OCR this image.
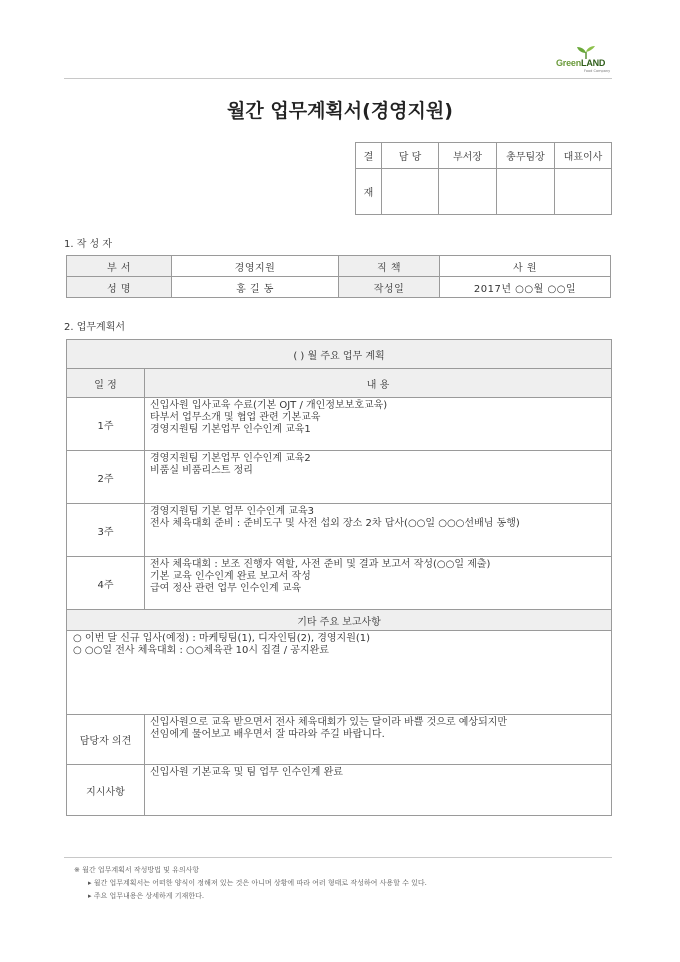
GreenLAND
Food Company
월간 업무계획서(경영지원)
결	담 당	부서장	총무팀장	대표이사
재				
1. 작 성 자
부 서	경영지원	직 책	사 원
성 명	홍 길 동	작성일	2017년 ○○월 ○○일
2. 업무계획서
( ) 월 주요 업무 계획	
일 정	내 용
1주	신입사원 입사교육 수료(기본 OJT / 개인정보보호교육)
타부서 업무소개 및 협업 관련 기본교육
경영지원팀 기본업무 인수인계 교육1

2주	경영지원팀 기본업무 인수인계 교육2
비품실 비품리스트 정리

3주	경영지원팀 기본 업무 인수인계 교육3
전사 체육대회 준비 : 준비도구 및 사전 섭외 장소 2차 답사(○○일 ○○○선배님 동행)

4주	전사 체육대회 : 보조 진행자 역할, 사전 준비 및 결과 보고서 작성(○○일 제출)
기본 교육 인수인계 완료 보고서 작성
급여 정산 관련 업무 인수인계 교육

기타 주요 보고사항	

○ 이번 달 신규 입사(예정) : 마케팅팀(1), 디자인팀(2), 경영지원(1)
○ ○○일 전사 체육대회 : ○○체육관 10시 집결 / 공지완료	

담당자 의견	신입사원으로 교육 받으면서 전사 체육대회가 있는 달이라 바쁠 것으로 예상되지만
선임에게 물어보고 배우면서 잘 따라와 주길 바랍니다.

지시사항	신입사원 기본교육 및 팀 업무 인수인계 완료
※ 월간 업무계획서 작성방법 및 유의사항
▸ 월간 업무계획서는 어떠한 양식이 정해져 있는 것은 아니며 상황에 따라 여러 형태로 작성하여 사용할 수 있다.
▸ 주요 업무내용은 상세하게 기재한다.
